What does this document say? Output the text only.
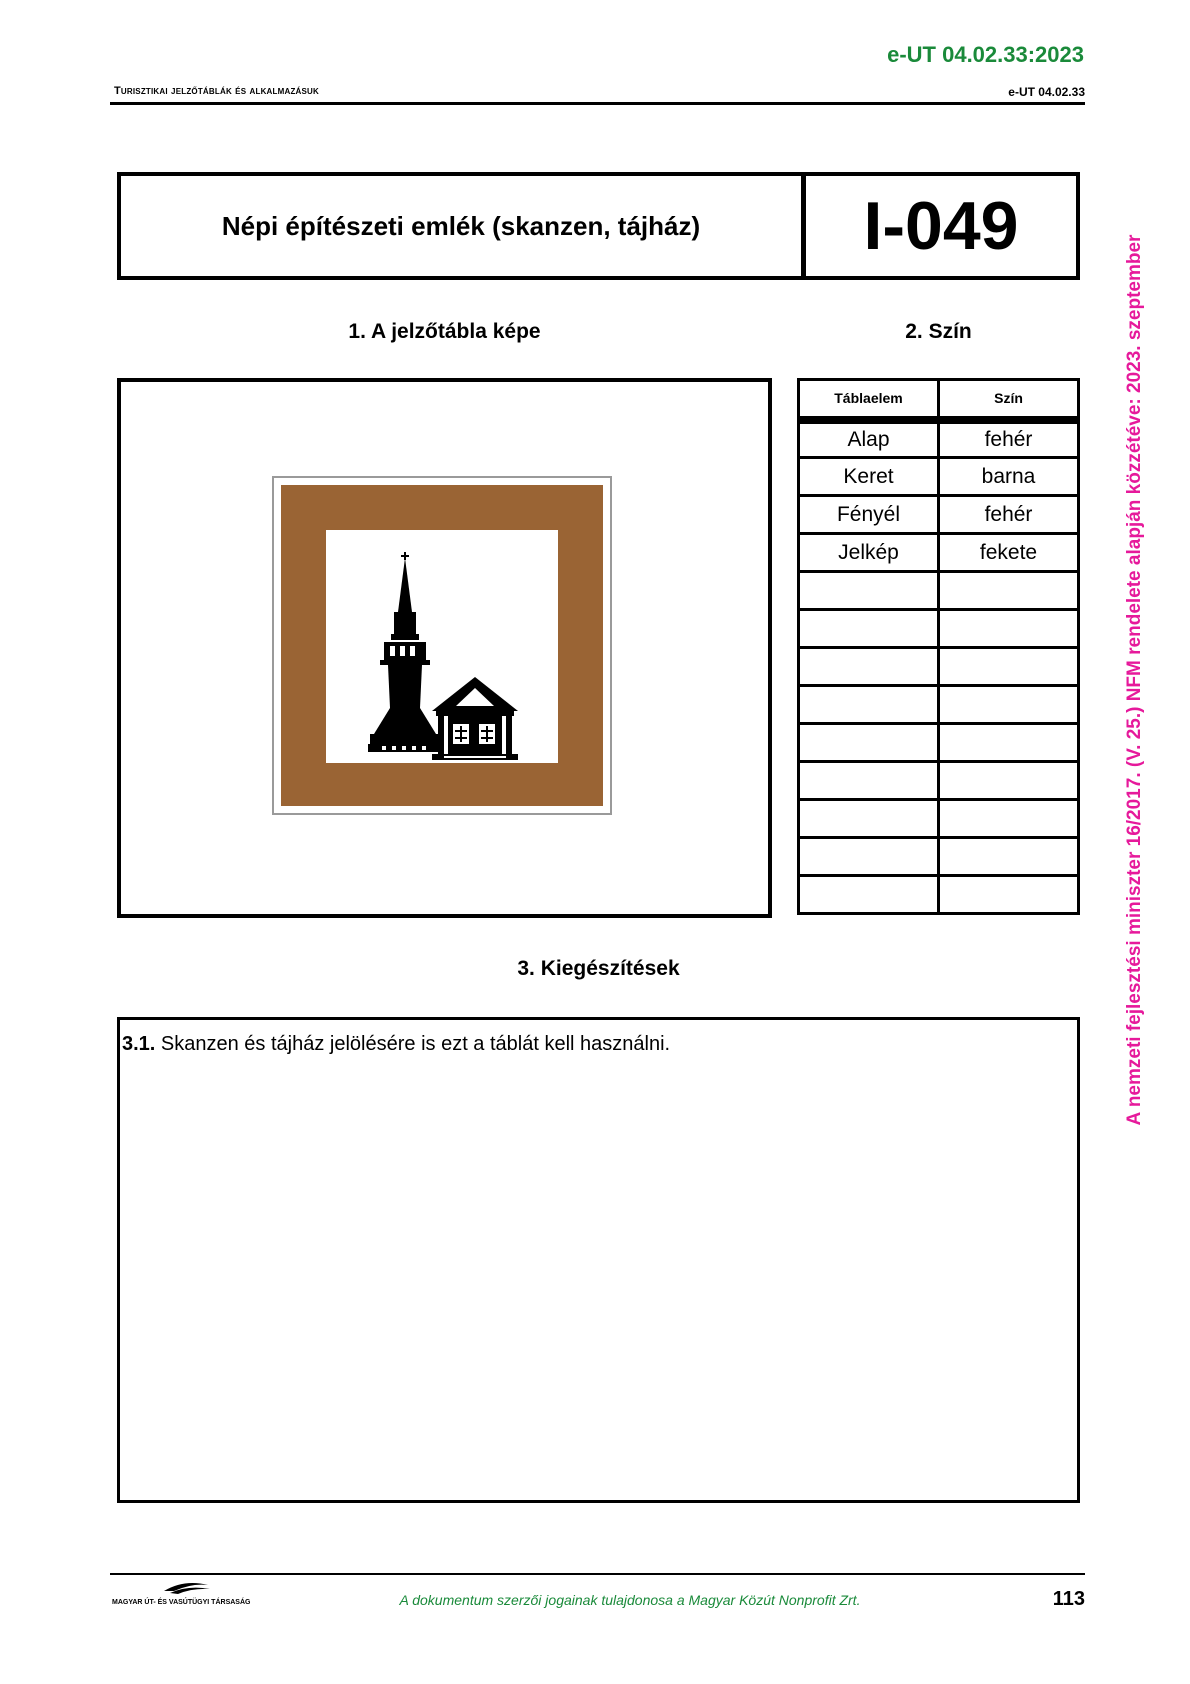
e-UT 04.02.33:2023
Turisztikai jelzőtáblák és alkalmazásuk	e-UT 04.02.33
Népi építészeti emlék (skanzen, tájház)	I-049
1. A jelzőtábla képe	2. Szín
Táblaelem	Szín
Alap	fehér
Keret	barna
Fényél	fehér
Jelkép	fekete

3. Kiegészítések
3.1. Skanzen és tájház jelölésére is ezt a táblát kell használni.
MAGYAR ÚT- ÉS VASÚTÜGYI TÁRSASÁG	A dokumentum szerzői jogainak tulajdonosa a Magyar Közút Nonprofit Zrt.	113
A nemzeti fejlesztési miniszter 16/2017. (V. 25.) NFM rendelete alapján közzétéve: 2023. szeptember
